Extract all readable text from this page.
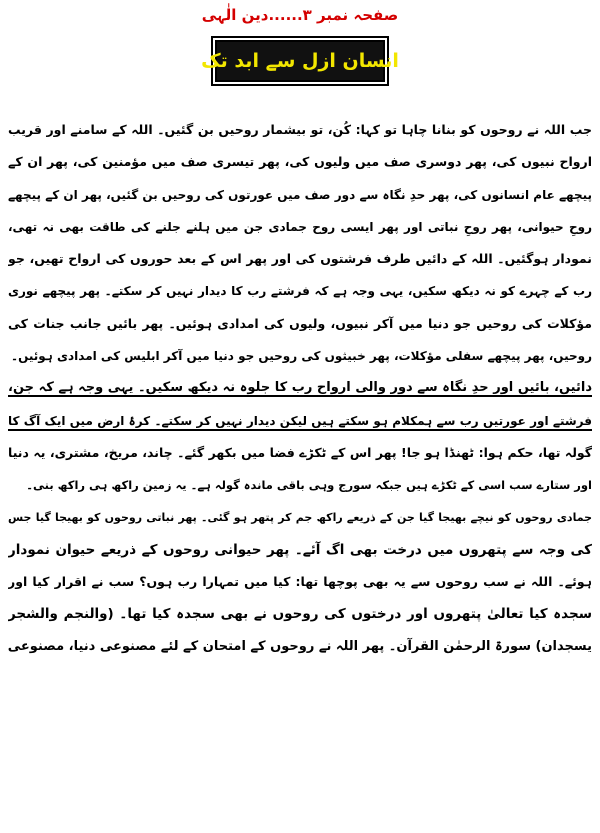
صفحہ نمبر ۳......دین الٰہی
انسان ازل سے ابد تک
جب اللہ نے روحوں کو بنانا چاہا تو کہا: کُن، تو بیشمار روحیں بن گئیں۔ اللہ کے سامنے اور قریب
ارواح نبیوں کی، پھر دوسری صف میں ولیوں کی، پھر تیسری صف میں مؤمنین کی، پھر ان کے
پیچھے عام انسانوں کی، پھر حدِ نگاہ سے دور صف میں عورتوں کی روحیں بن گئیں، پھر ان کے پیچھے
روحِ حیوانی، پھر روحِ نباتی اور پھر ایسی روح جمادی جن میں ہلنے جلنے کی طاقت بھی نہ تھی،
نمودار ہوگئیں۔ اللہ کے دائیں طرف فرشتوں کی اور پھر اس کے بعد حوروں کی ارواح تھیں، جو
رب کے چہرے کو نہ دیکھ سکیں، یہی وجہ ہے کہ فرشتے رب کا دیدار نہیں کر سکتے۔ پھر پیچھے نوری
مؤکلات کی روحیں جو دنیا میں آکر نبیوں، ولیوں کی امدادی ہوئیں۔ پھر بائیں جانب جنات کی
روحیں، پھر پیچھے سفلی مؤکلات، پھر خبیثوں کی روحیں جو دنیا میں آکر ابلیس کی امدادی ہوئیں۔
دائیں، بائیں اور حدِ نگاہ سے دور والی ارواح رب کا جلوہ نہ دیکھ سکیں۔ یہی وجہ ہے کہ جن،
فرشتے اور عورتیں رب سے ہمکلام ہو سکتے ہیں لیکن دیدار نہیں کر سکتے۔ کرۂ ارض میں ایک آگ کا
گولہ تھا، حکم ہوا: ٹھنڈا ہو جا! پھر اس کے ٹکڑے فضا میں بکھر گئے۔ چاند، مریخ، مشتری، یہ دنیا
اور ستارے سب اسی کے ٹکڑے ہیں جبکہ سورج وہی باقی ماندہ گولہ ہے۔ یہ زمین راکھ ہی راکھ بنی۔
جمادی روحوں کو نیچے بھیجا گیا جن کے ذریعے راکھ جم کر پتھر ہو گئی۔ پھر نباتی روحوں کو بھیجا گیا جس
کی وجہ سے پتھروں میں درخت بھی اگ آئے۔ پھر حیوانی روحوں کے ذریعے حیوان نمودار
ہوئے۔ اللہ نے سب روحوں سے یہ بھی پوچھا تھا: کیا میں تمہارا رب ہوں؟ سب نے اقرار کیا اور
سجدہ کیا تعالیٰ پتھروں اور درختوں کی روحوں نے بھی سجدہ کیا تھا۔ (والنجم والشجر
یسجدان) سورۃ الرحمٰن القرآن۔ پھر اللہ نے روحوں کے امتحان کے لئے مصنوعی دنیا، مصنوعی
